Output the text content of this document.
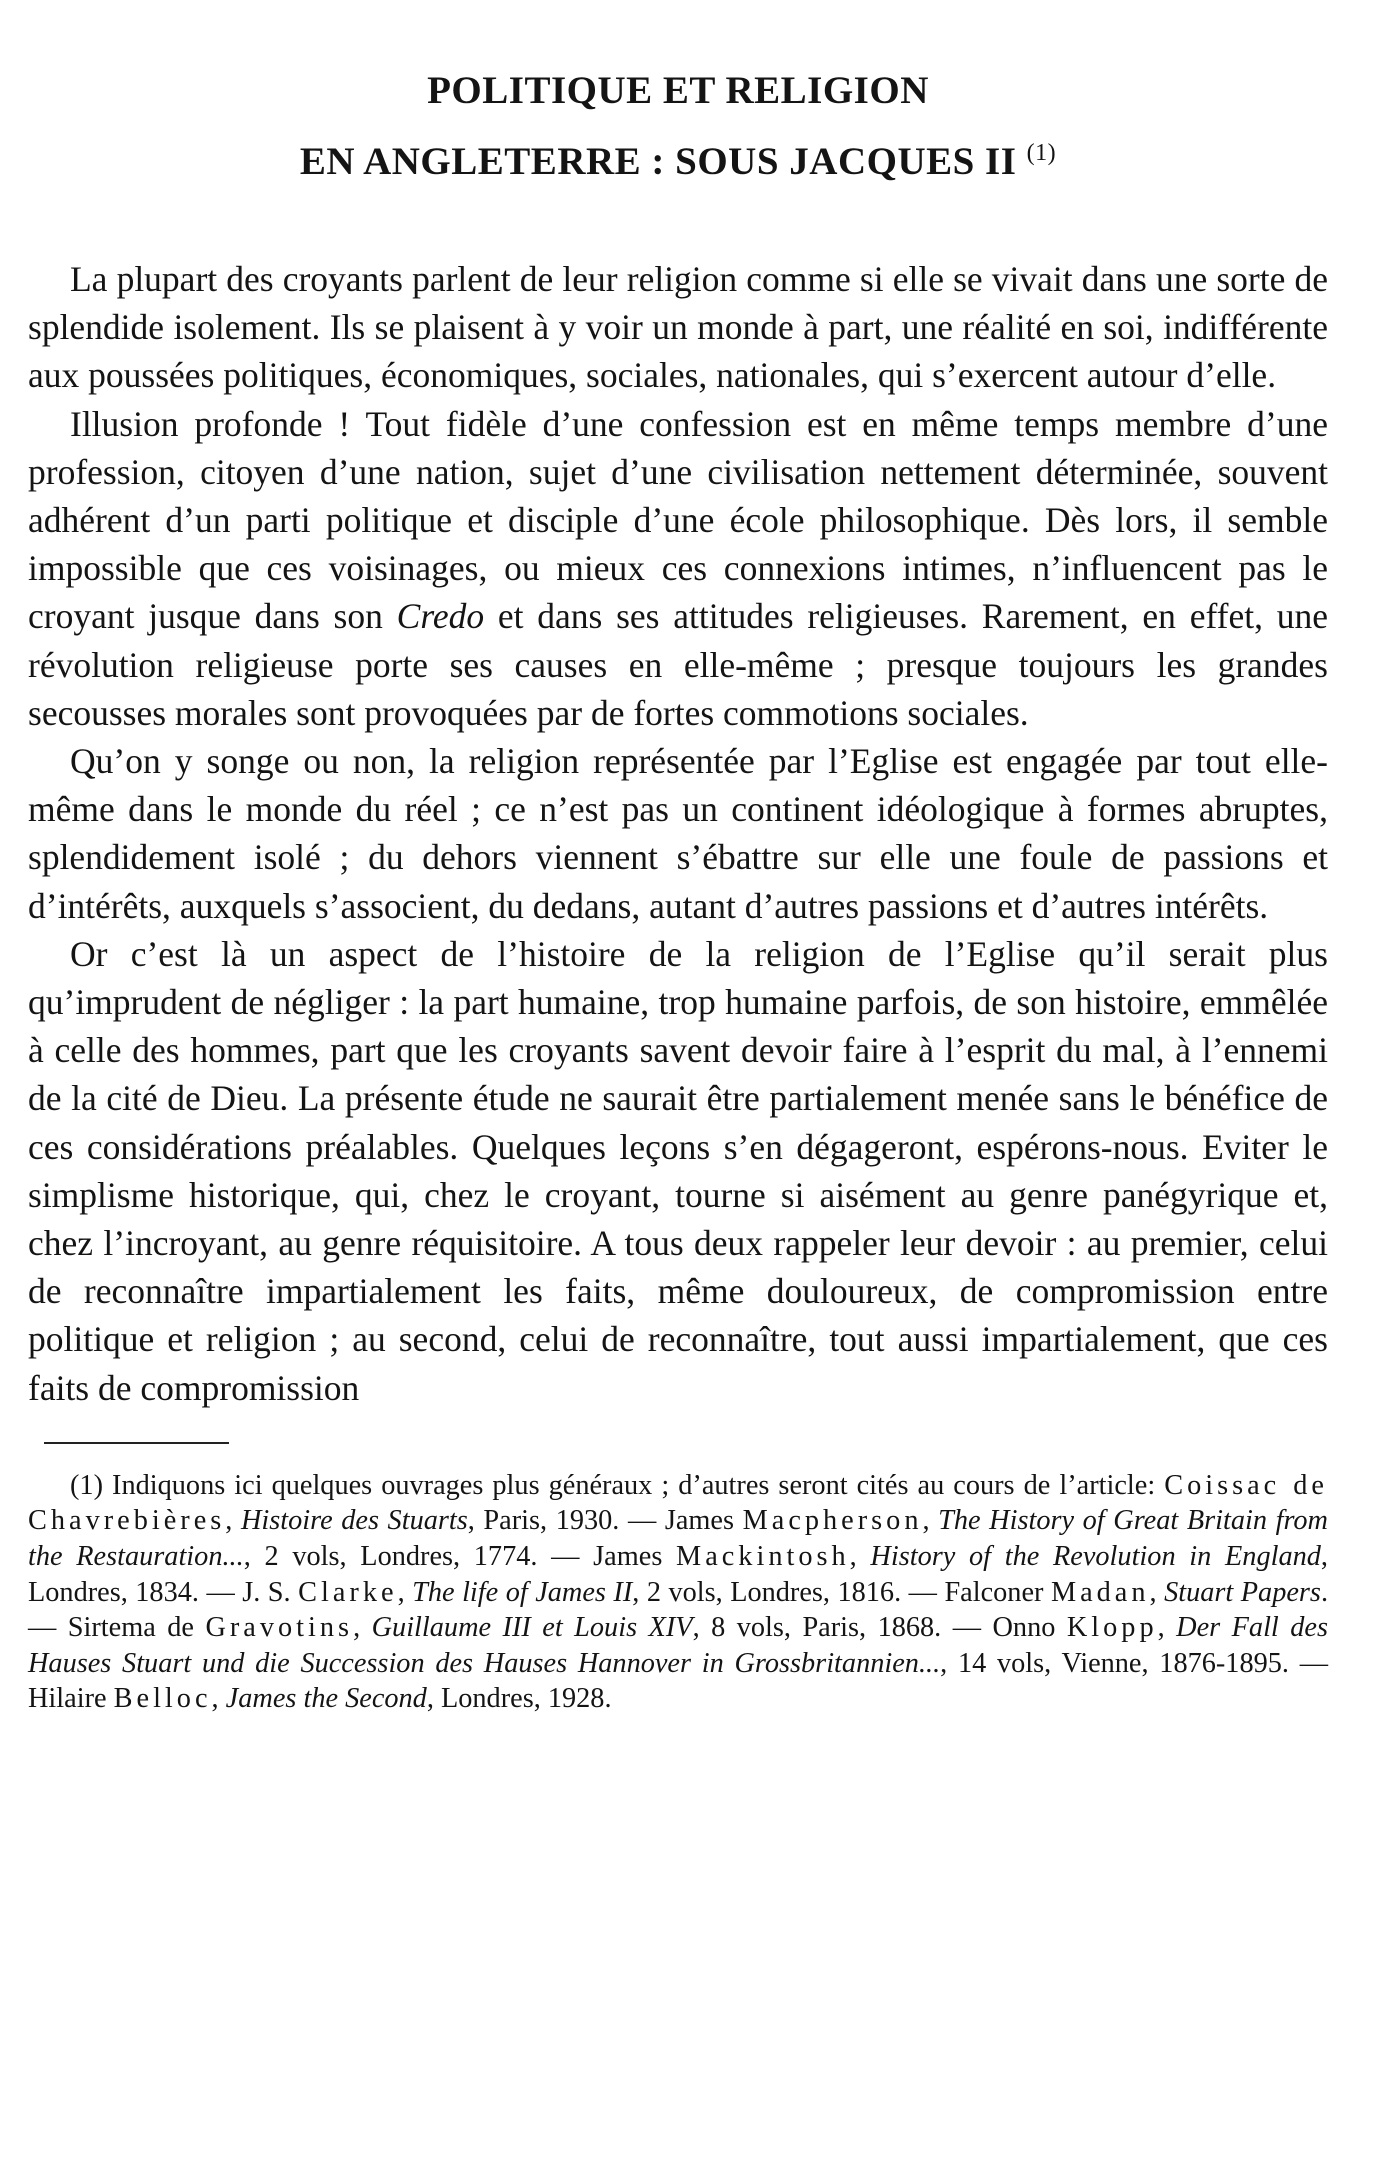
POLITIQUE ET RELIGION
EN ANGLETERRE : SOUS JACQUES II $^{(1)}$

La plupart des croyants parlent de leur religion comme si elle se vivait dans une sorte de splendide isolement. Ils se plaisent à y voir un monde à part, une réalité en soi, indifférente aux poussées politiques, économiques, sociales, nationales, qui s’exercent autour d’elle.

Illusion profonde ! Tout fidèle d’une confession est en même temps membre d’une profession, citoyen d’une nation, sujet d’une civilisation nettement déterminée, souvent adhérent d’un parti politique et disciple d’une école philosophique. Dès lors, il semble impossible que ces voisinages, ou mieux ces connexions intimes, n’influencent pas le croyant jusque dans son Credo et dans ses attitudes religieuses. Rarement, en effet, une révolution religieuse porte ses causes en elle-même ; presque toujours les grandes secousses morales sont provoquées par de fortes commotions sociales.

Qu’on y songe ou non, la religion représentée par l’Eglise est engagée par tout elle-même dans le monde du réel ; ce n’est pas un continent idéologique à formes abruptes, splendidement isolé ; du dehors viennent s’ébattre sur elle une foule de passions et d’intérêts, auxquels s’associent, du dedans, autant d’autres passions et d’autres intérêts.

Or c’est là un aspect de l’histoire de la religion de l’Eglise qu’il serait plus qu’imprudent de négliger : la part humaine, trop humaine parfois, de son histoire, emmêlée à celle des hommes, part que les croyants savent devoir faire à l’esprit du mal, à l’ennemi de la cité de Dieu. La présente étude ne saurait être partialement menée sans le bénéfice de ces considérations préalables. Quelques leçons s’en dégageront, espérons-nous. Eviter le simplisme historique, qui, chez le croyant, tourne si aisément au genre panégyrique et, chez l’incroyant, au genre réquisitoire. A tous deux rappeler leur devoir : au premier, celui de reconnaître impartialement les faits, même douloureux, de compromission entre politique et religion ; au second, celui de reconnaître, tout aussi impartialement, que ces faits de compromission

(1) Indiquons ici quelques ouvrages plus généraux ; d’autres seront cités au cours de l’article: Coissac de Chavrebières, Histoire des Stuarts, Paris, 1930. — James Macpherson, The History of Great Britain from the Restauration..., 2 vols, Londres, 1774. — James Mackintosh, History of the Revolution in England, Londres, 1834. — J. S. Clarke, The life of James II, 2 vols, Londres, 1816. — Falconer Madan, Stuart Papers. — Sirtema de Gravotins, Guillaume III et Louis XIV, 8 vols, Paris, 1868. — Onno Klopp, Der Fall des Hauses Stuart und die Succession des Hauses Hannover in Grossbritannien..., 14 vols, Vienne, 1876-1895. — Hilaire Belloc, James the Second, Londres, 1928.
